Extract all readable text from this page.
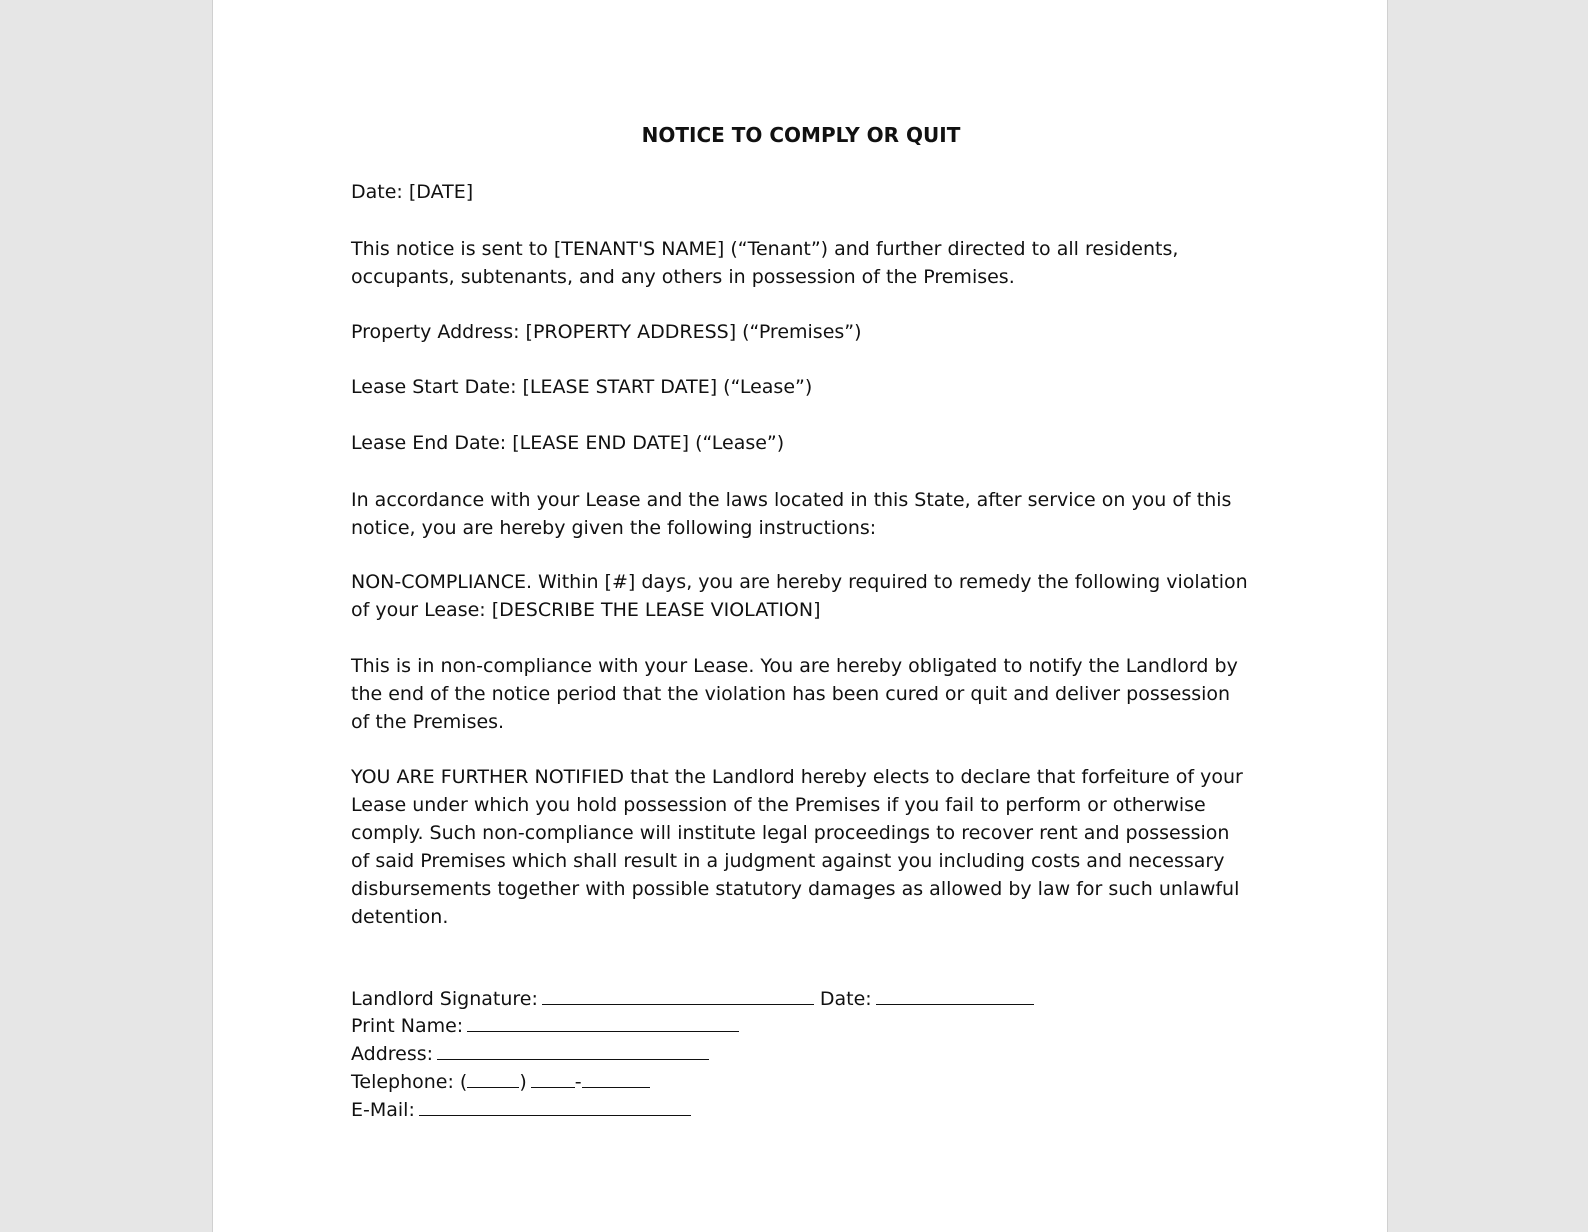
NOTICE TO COMPLY OR QUIT

Date: [DATE]

This notice is sent to [TENANT'S NAME] (“Tenant”) and further directed to all residents, occupants, subtenants, and any others in possession of the Premises.

Property Address: [PROPERTY ADDRESS] (“Premises”)

Lease Start Date: [LEASE START DATE] (“Lease”)

Lease End Date: [LEASE END DATE] (“Lease”)

In accordance with your Lease and the laws located in this State, after service on you of this notice, you are hereby given the following instructions:

NON-COMPLIANCE. Within [#] days, you are hereby required to remedy the following violation of your Lease: [DESCRIBE THE LEASE VIOLATION]

This is in non-compliance with your Lease. You are hereby obligated to notify the Landlord by the end of the notice period that the violation has been cured or quit and deliver possession of the Premises.

YOU ARE FURTHER NOTIFIED that the Landlord hereby elects to declare that forfeiture of your Lease under which you hold possession of the Premises if you fail to perform or otherwise comply. Such non-compliance will institute legal proceedings to recover rent and possession of said Premises which shall result in a judgment against you including costs and necessary disbursements together with possible statutory damages as allowed by law for such unlawful detention.

Landlord Signature:	Date:
Print Name:
Address:
Telephone: (	)	-
E-Mail:
